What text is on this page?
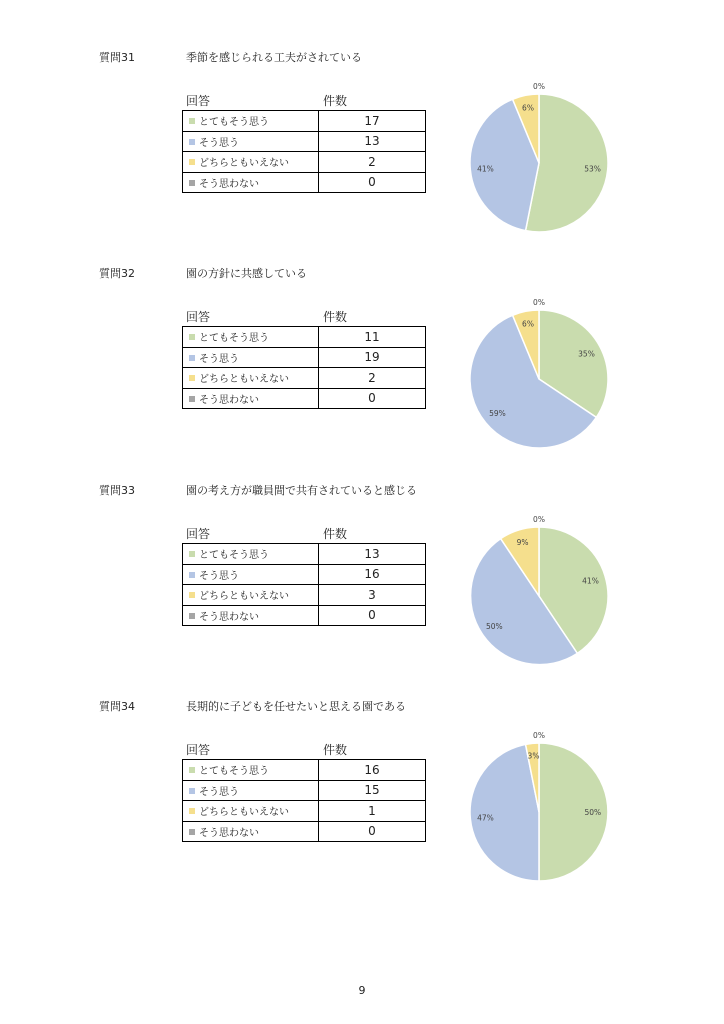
質問31	季節を感じられる工夫がされている
回答	件数
とてもそう思う	17
そう思う	13
どちらともいえない	2
そう思わない	0
53%
41%
6%
0%
質問32	園の方針に共感している
回答	件数
とてもそう思う	11
そう思う	19
どちらともいえない	2
そう思わない	0
35%
59%
6%
0%
質問33	園の考え方が職員間で共有されていると感じる
回答	件数
とてもそう思う	13
そう思う	16
どちらともいえない	3
そう思わない	0
41%
50%
9%
0%
質問34	長期的に子どもを任せたいと思える園である
回答	件数
とてもそう思う	16
そう思う	15
どちらともいえない	1
そう思わない	0
50%
47%
3%
0%
9
